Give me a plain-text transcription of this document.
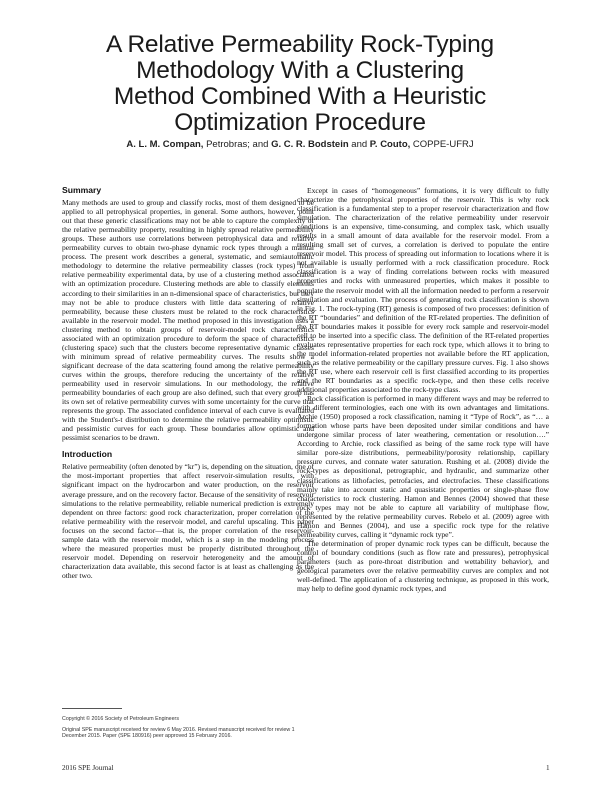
A Relative Permeability Rock-Typing
Methodology With a Clustering
Method Combined With a Heuristic
Optimization Procedure
A. L. M. Compan, Petrobras; and G. C. R. Bodstein and P. Couto, COPPE-UFRJ
Summary

Many methods are used to group and classify rocks, most of them designed to be applied to all petrophysical properties, in general. Some authors, however, point out that these generic classifications may not be able to capture the complexity of the relative permeability property, resulting in highly spread relative permeability groups. These authors use correlations between petrophysical data and relative permeability curves to obtain two-phase dynamic rock types through a manual process. The present work describes a general, systematic, and semiautomatic methodology to determine the relative permeability classes (rock types) from relative permeability experimental data, by use of a clustering method associated with an optimization procedure. Clustering methods are able to classify elements according to their similarities in an n-dimensional space of characteristics, but they may not be able to produce clusters with little data scattering of relative permeability, because these clusters must be related to the rock characteristics available in the reservoir model. The method proposed in this investigation uses a clustering method to obtain groups of reservoir-model rock characteristics associated with an optimization procedure to deform the space of characteristics (clustering space) such that the clusters become representative dynamic classes with minimum spread of relative permeability curves. The results show a significant decrease of the data scattering found among the relative permeability curves within the groups, therefore reducing the uncertainty of the relative permeability used in reservoir simulations. In our methodology, the relative permeability boundaries of each group are also defined, such that every group has its own set of relative permeability curves with some uncertainty for the curve that represents the group. The associated confidence interval of each curve is evaluated with the Student's-t distribution to determine the relative permeability optimistic and pessimistic curves for each group. These boundaries allow optimistic and pessimist scenarios to be drawn.

Introduction

Relative permeability (often denoted by “kr”) is, depending on the situation, one of the most-important properties that affect reservoir-simulation results, with significant impact on the hydrocarbon and water production, on the reservoir average pressure, and on the recovery factor. Because of the sensitivity of reservoir simulations to the relative permeability, reliable numerical prediction is extremely dependent on three factors: good rock characterization, proper correlation of the relative permeability with the reservoir model, and careful upscaling. This paper focuses on the second factor—that is, the proper correlation of the reservoir-sample data with the reservoir model, which is a step in the modeling process where the measured properties must be properly distributed throughout the reservoir model. Depending on reservoir heterogeneity and the amount of characterization data available, this second factor is at least as challenging as the other two.

Except in cases of “homogeneous” formations, it is very difficult to fully characterize the petrophysical properties of the reservoir. This is why rock classification is a fundamental step to a proper reservoir characterization and flow simulation. The characterization of the relative permeability under reservoir conditions is an expensive, time-consuming, and complex task, which usually results in a small amount of data available for the reservoir model. From a resulting small set of curves, a correlation is derived to populate the entire reservoir model. This process of spreading out information to locations where it is not available is usually performed with a rock classification procedure. Rock classification is a way of finding correlations between rocks with measured properties and rocks with unmeasured properties, which makes it possible to populate the reservoir model with all the information needed to perform a reservoir simulation and evaluation. The process of generating rock classification is shown in Fig. 1. The rock-typing (RT) genesis is composed of two processes: definition of the RT “boundaries” and definition of the RT-related properties. The definition of the RT boundaries makes it possible for every rock sample and reservoir-model cell to be inserted into a specific class. The definition of the RT-related properties evaluates representative properties for each rock type, which allows it to bring to the model information-related properties not available before the RT application, such as the relative permeability or the capillary pressure curves. Fig. 1 also shows the RT use, where each reservoir cell is first classified according to its properties and the RT boundaries as a specific rock-type, and then these cells receive additional properties associated to the rock-type class.

Rock classification is performed in many different ways and may be referred to with different terminologies, each one with its own advantages and limitations. Archie (1950) proposed a rock classification, naming it “Type of Rock”, as “… a formation whose parts have been deposited under similar conditions and have undergone similar process of later weathering, cementation or resolution….” According to Archie, rock classified as being of the same rock type will have similar pore-size distributions, permeability/porosity relationship, capillary pressure curves, and connate water saturation. Rushing et al. (2008) divide the rock-types as depositional, petrographic, and hydraulic, and summarize other classifications as lithofacies, petrofacies, and electrofacies. These classifications mainly take into account static and quasistatic properties or single-phase flow characteristics to rock clustering. Hamon and Bennes (2004) showed that these rock types may not be able to capture all variability of multiphase flow, represented by the relative permeability curves. Rebelo et al. (2009) agree with Hamon and Bennes (2004), and use a specific rock type for the relative permeability curves, calling it “dynamic rock type”.

The determination of proper dynamic rock types can be difficult, because the control of boundary conditions (such as flow rate and pressures), petrophysical parameters (such as pore-throat distribution and wettability behavior), and geological parameters over the relative permeability curves are complex and not well-defined. The application of a clustering technique, as proposed in this work, may help to define good dynamic rock types, and

Copyright © 2016 Society of Petroleum Engineers
Original SPE manuscript received for review 6 May 2016. Revised manuscript received for review 1 December 2015. Paper (SPE 180916) peer approved 15 February 2016.
2016 SPE Journal	1
